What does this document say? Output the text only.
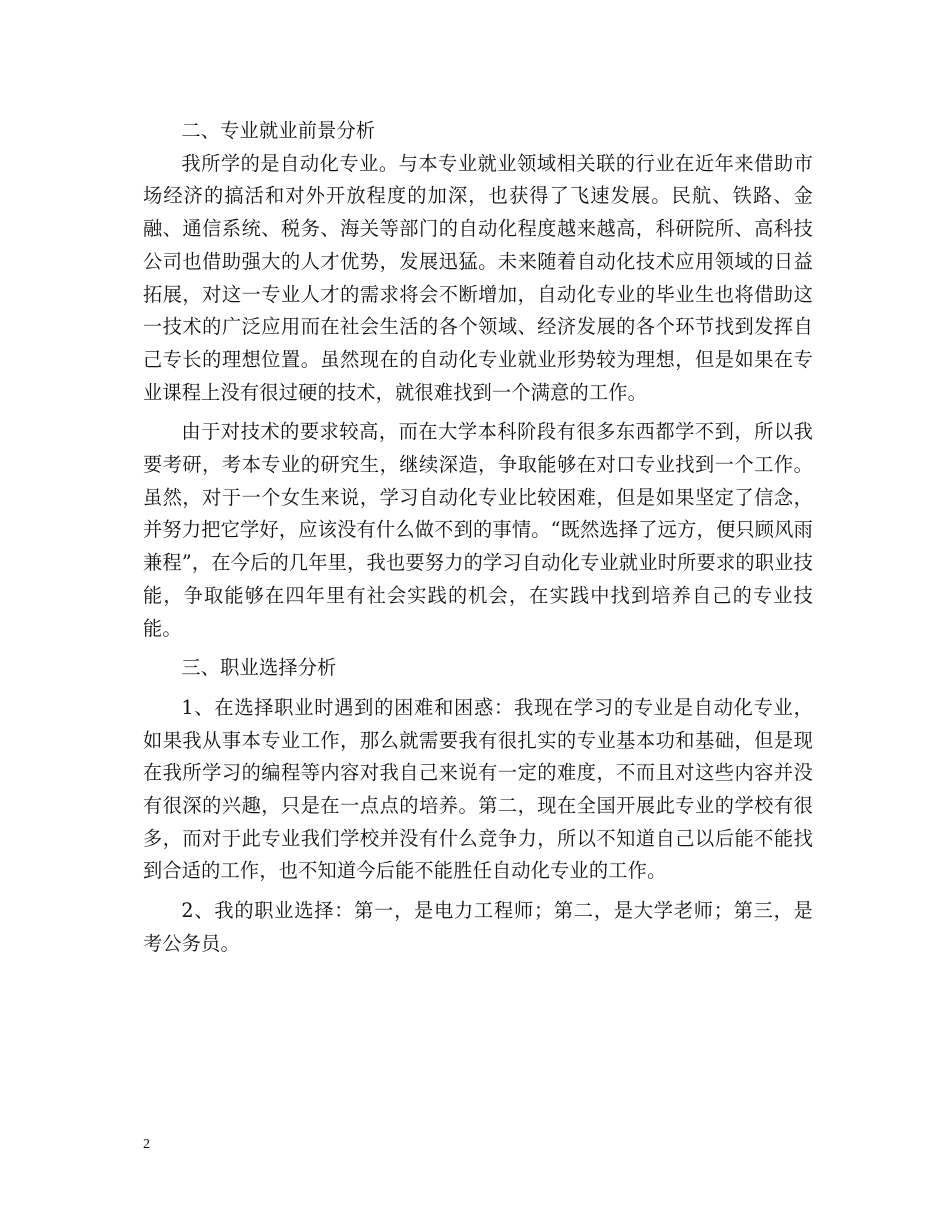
二、专业就业前景分析

我所学的是自动化专业。与本专业就业领域相关联的行业在近年来借助市场经济的搞活和对外开放程度的加深，也获得了飞速发展。民航、铁路、金融、通信系统、税务、海关等部门的自动化程度越来越高，科研院所、高科技公司也借助强大的人才优势，发展迅猛。未来随着自动化技术应用领域的日益拓展，对这一专业人才的需求将会不断增加，自动化专业的毕业生也将借助这一技术的广泛应用而在社会生活的各个领域、经济发展的各个环节找到发挥自己专长的理想位置。虽然现在的自动化专业就业形势较为理想，但是如果在专业课程上没有很过硬的技术，就很难找到一个满意的工作。

由于对技术的要求较高，而在大学本科阶段有很多东西都学不到，所以我要考研，考本专业的研究生，继续深造，争取能够在对口专业找到一个工作。虽然，对于一个女生来说，学习自动化专业比较困难，但是如果坚定了信念，并努力把它学好，应该没有什么做不到的事情。“既然选择了远方，便只顾风雨兼程”，在今后的几年里，我也要努力的学习自动化专业就业时所要求的职业技能，争取能够在四年里有社会实践的机会，在实践中找到培养自己的专业技能。

三、职业选择分析

1、在选择职业时遇到的困难和困惑：我现在学习的专业是自动化专业，如果我从事本专业工作，那么就需要我有很扎实的专业基本功和基础，但是现在我所学习的编程等内容对我自己来说有一定的难度，不而且对这些内容并没有很深的兴趣，只是在一点点的培养。第二，现在全国开展此专业的学校有很多，而对于此专业我们学校并没有什么竞争力，所以不知道自己以后能不能找到合适的工作，也不知道今后能不能胜任自动化专业的工作。

2、我的职业选择：第一，是电力工程师；第二，是大学老师；第三，是考公务员。

2
